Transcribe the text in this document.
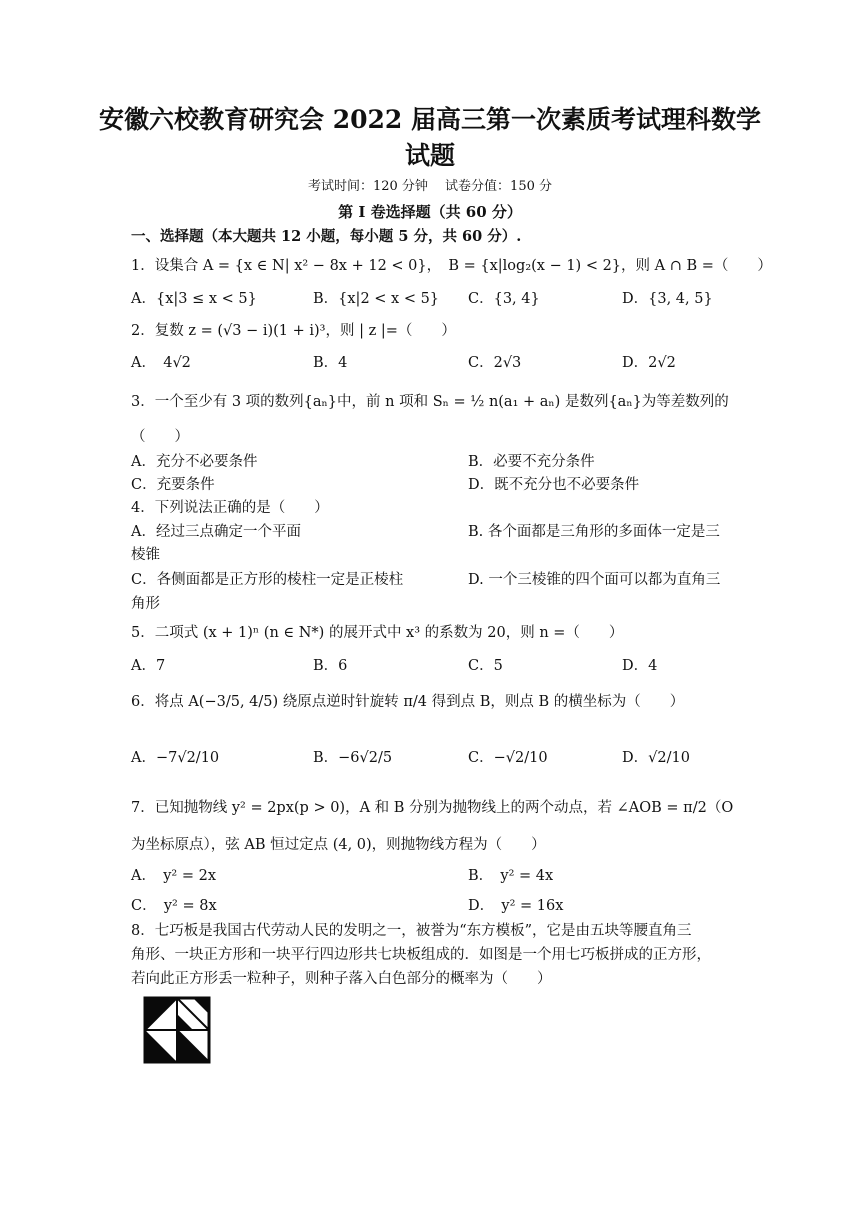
安徽六校教育研究会 2022 届高三第一次素质考试理科数学
试题
考试时间：120 分钟　 试卷分值：150 分
第 I 卷选择题（共 60 分）
一、选择题（本大题共 12 小题，每小题 5 分，共 60 分）.
1．设集合 A = {x ∈ N| x² − 8x + 12 < 0}，　B = {x|log₂(x − 1) < 2}，则 A ∩ B =（　　）
A．{x|3 ≤ x < 5}	B．{x|2 < x < 5} C．{3, 4}	D．{3, 4, 5}
2．复数 z = (√3 − i)(1 + i)³，则 | z |=（　　）
A．　4√2	B．4	C．2√3	D．2√2
3．一个至少有 3 项的数列{aₙ}中，前 n 项和 Sₙ = ½ n(a₁ + aₙ) 是数列{aₙ}为等差数列的
（　　）
A．充分不必要条件	B．必要不充分条件
C．充要条件	D．既不充分也不必要条件
4．下列说法正确的是（　　）
A．经过三点确定一个平面	B. 各个面都是三角形的多面体一定是三
棱锥
C．各侧面都是正方形的棱柱一定是正棱柱	D. 一个三棱锥的四个面可以都为直角三
角形
5．二项式 (x + 1)ⁿ (n ∈ N*) 的展开式中 x³ 的系数为 20，则 n =（　　）
A．7	B．6	C．5	D．4
6．将点 A(−3/5, 4/5) 绕原点逆时针旋转 π/4 得到点 B，则点 B 的横坐标为（　　）
A．−7√2/10	B．−6√2/5	C．−√2/10	D．√2/10
7．已知抛物线 y² = 2px(p > 0)，A 和 B 分别为抛物线上的两个动点，若 ∠AOB = π/2（O
为坐标原点），弦 AB 恒过定点 (4, 0)，则抛物线方程为（　　）
A．　y² = 2x	B．　y² = 4x
C．　y² = 8x	D．　y² = 16x
8．七巧板是我国古代劳动人民的发明之一，被誉为“东方模板”，它是由五块等腰直角三
角形、一块正方形和一块平行四边形共七块板组成的．如图是一个用七巧板拼成的正方形，
若向此正方形丢一粒种子，则种子落入白色部分的概率为（　　）
